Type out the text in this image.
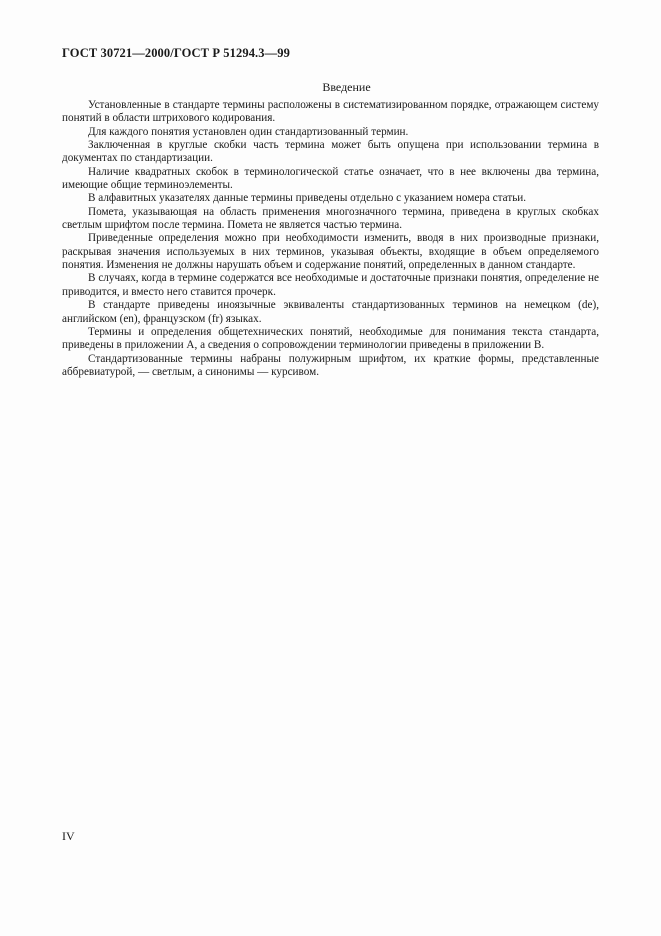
ГОСТ 30721—2000/ГОСТ Р 51294.3—99
Введение

Установленные в стандарте термины расположены в систематизированном порядке, отражающем систему понятий в области штрихового кодирования.

Для каждого понятия установлен один стандартизованный термин.

Заключенная в круглые скобки часть термина может быть опущена при использовании термина в документах по стандартизации.

Наличие квадратных скобок в терминологической статье означает, что в нее включены два термина, имеющие общие терминоэлементы.

В алфавитных указателях данные термины приведены отдельно с указанием номера статьи.

Помета, указывающая на область применения многозначного термина, приведена в круглых скобках светлым шрифтом после термина. Помета не является частью термина.

Приведенные определения можно при необходимости изменить, вводя в них производные признаки, раскрывая значения используемых в них терминов, указывая объекты, входящие в объем определяемого понятия. Изменения не должны нарушать объем и содержание понятий, определенных в данном стандарте.

В случаях, когда в термине содержатся все необходимые и достаточные признаки понятия, определение не приводится, и вместо него ставится прочерк.

В стандарте приведены иноязычные эквиваленты стандартизованных терминов на немецком (de), английском (en), французском (fr) языках.

Термины и определения общетехнических понятий, необходимые для понимания текста стандарта, приведены в приложении А, а сведения о сопровождении терминологии приведены в приложении В.

Стандартизованные термины набраны полужирным шрифтом, их краткие формы, представленные аббревиатурой, — светлым, а синонимы — курсивом.

IV
